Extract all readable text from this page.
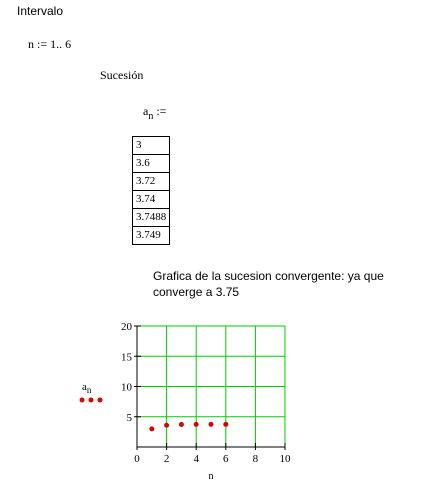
Intervalo
n := 1.. 6
Sucesión
$a_n$ :=
3
3.6
3.72
3.74
3.7488
3.749
Grafica de la sucesion convergente: ya que
converge a 3.75
$a_n$
0 2 4 6 8 10
5
10
15
20
n
